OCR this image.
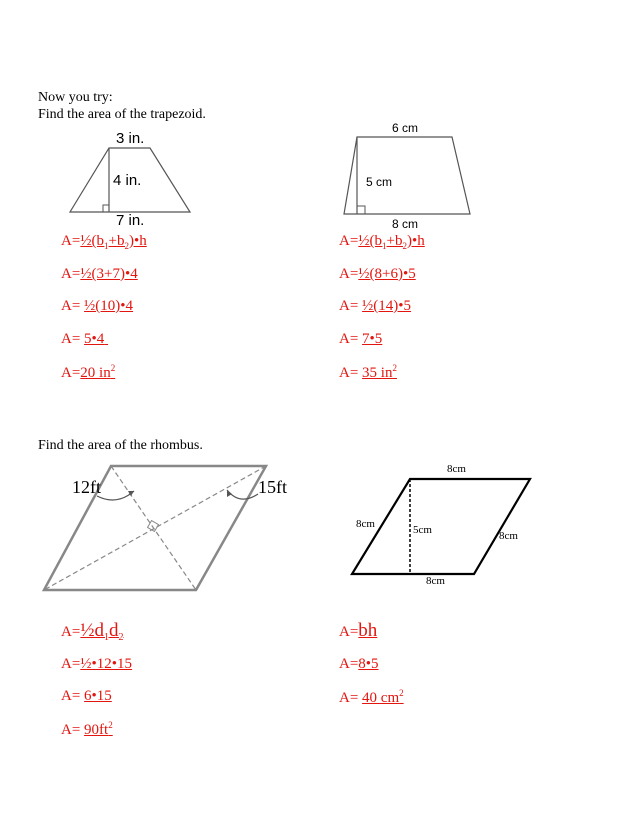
Now you try:
Find the area of the trapezoid.
3 in.
4 in.
7 in.
6 cm
5 cm
8 cm
$A=\frac{1}{2}(b_1+b_2)•h$
A=½(3+7)•4
A= ½(10)•4
A= 5•4
A=20 $in^2$
$A=\frac{1}{2}(b_1+b_2)•h$
A=½(8+6)•5
A= ½(14)•5
A= 7•5
A= 35 $in^2$
Find the area of the rhombus.
12ft	15ft
8cm
8cm	5cm	8cm
8cm
$A=\frac{1}{2}d_1d_2$
A=½•12•15
A= 6•15
$A= 90ft^2$
A=bh
A=8•5
A= 40 $cm^2$
